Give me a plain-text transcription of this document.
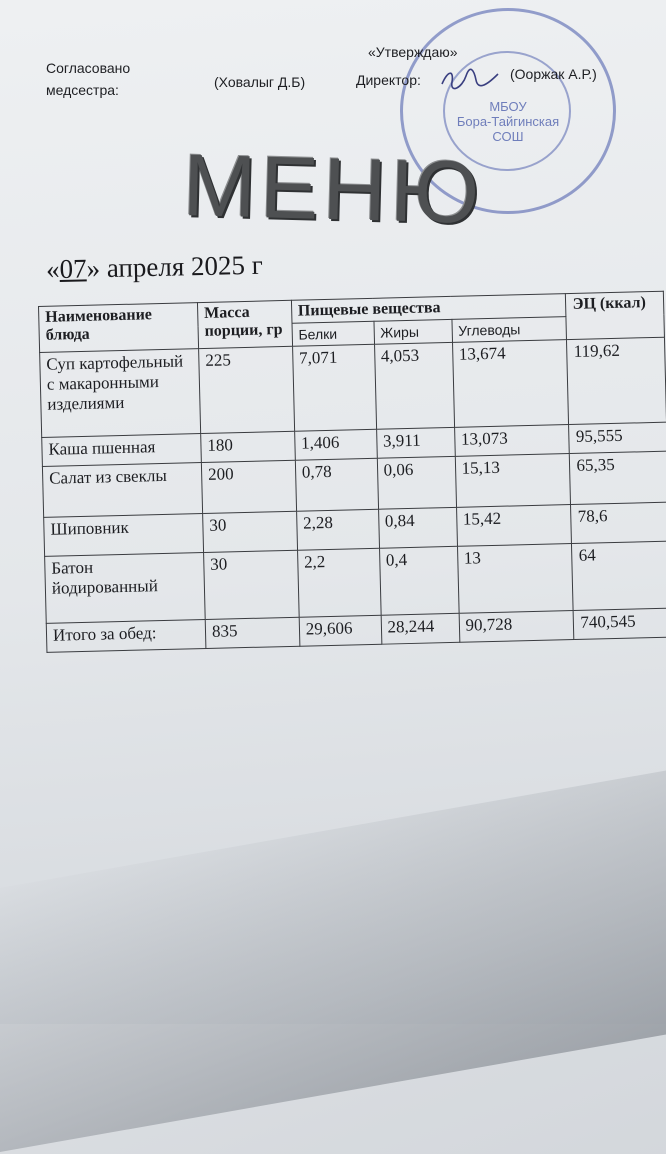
МБОУ
Бора-Тайгинская
СОШ
Согласовано
медсестра:	(Ховалыг Д.Б)
«Утверждаю»
Директор:	(Ооржак А.Р.)
МЕНЮ
«07» апреля 2025 г
Наименование блюда	Масса порции, гр	Пищевые вещества			ЭЦ (ккал)
		Белки	Жиры	Углеводы	
Суп картофельный с макаронными изделиями	225	7,071	4,053	13,674	119,62
Каша пшенная	180	1,406	3,911	13,073	95,555
Салат из свеклы	200	0,78	0,06	15,13	65,35
Шиповник	30	2,28	0,84	15,42	78,6
Батон йодированный	30	2,2	0,4	13	64
Итого за обед:	835	29,606	28,244	90,728	740,545
